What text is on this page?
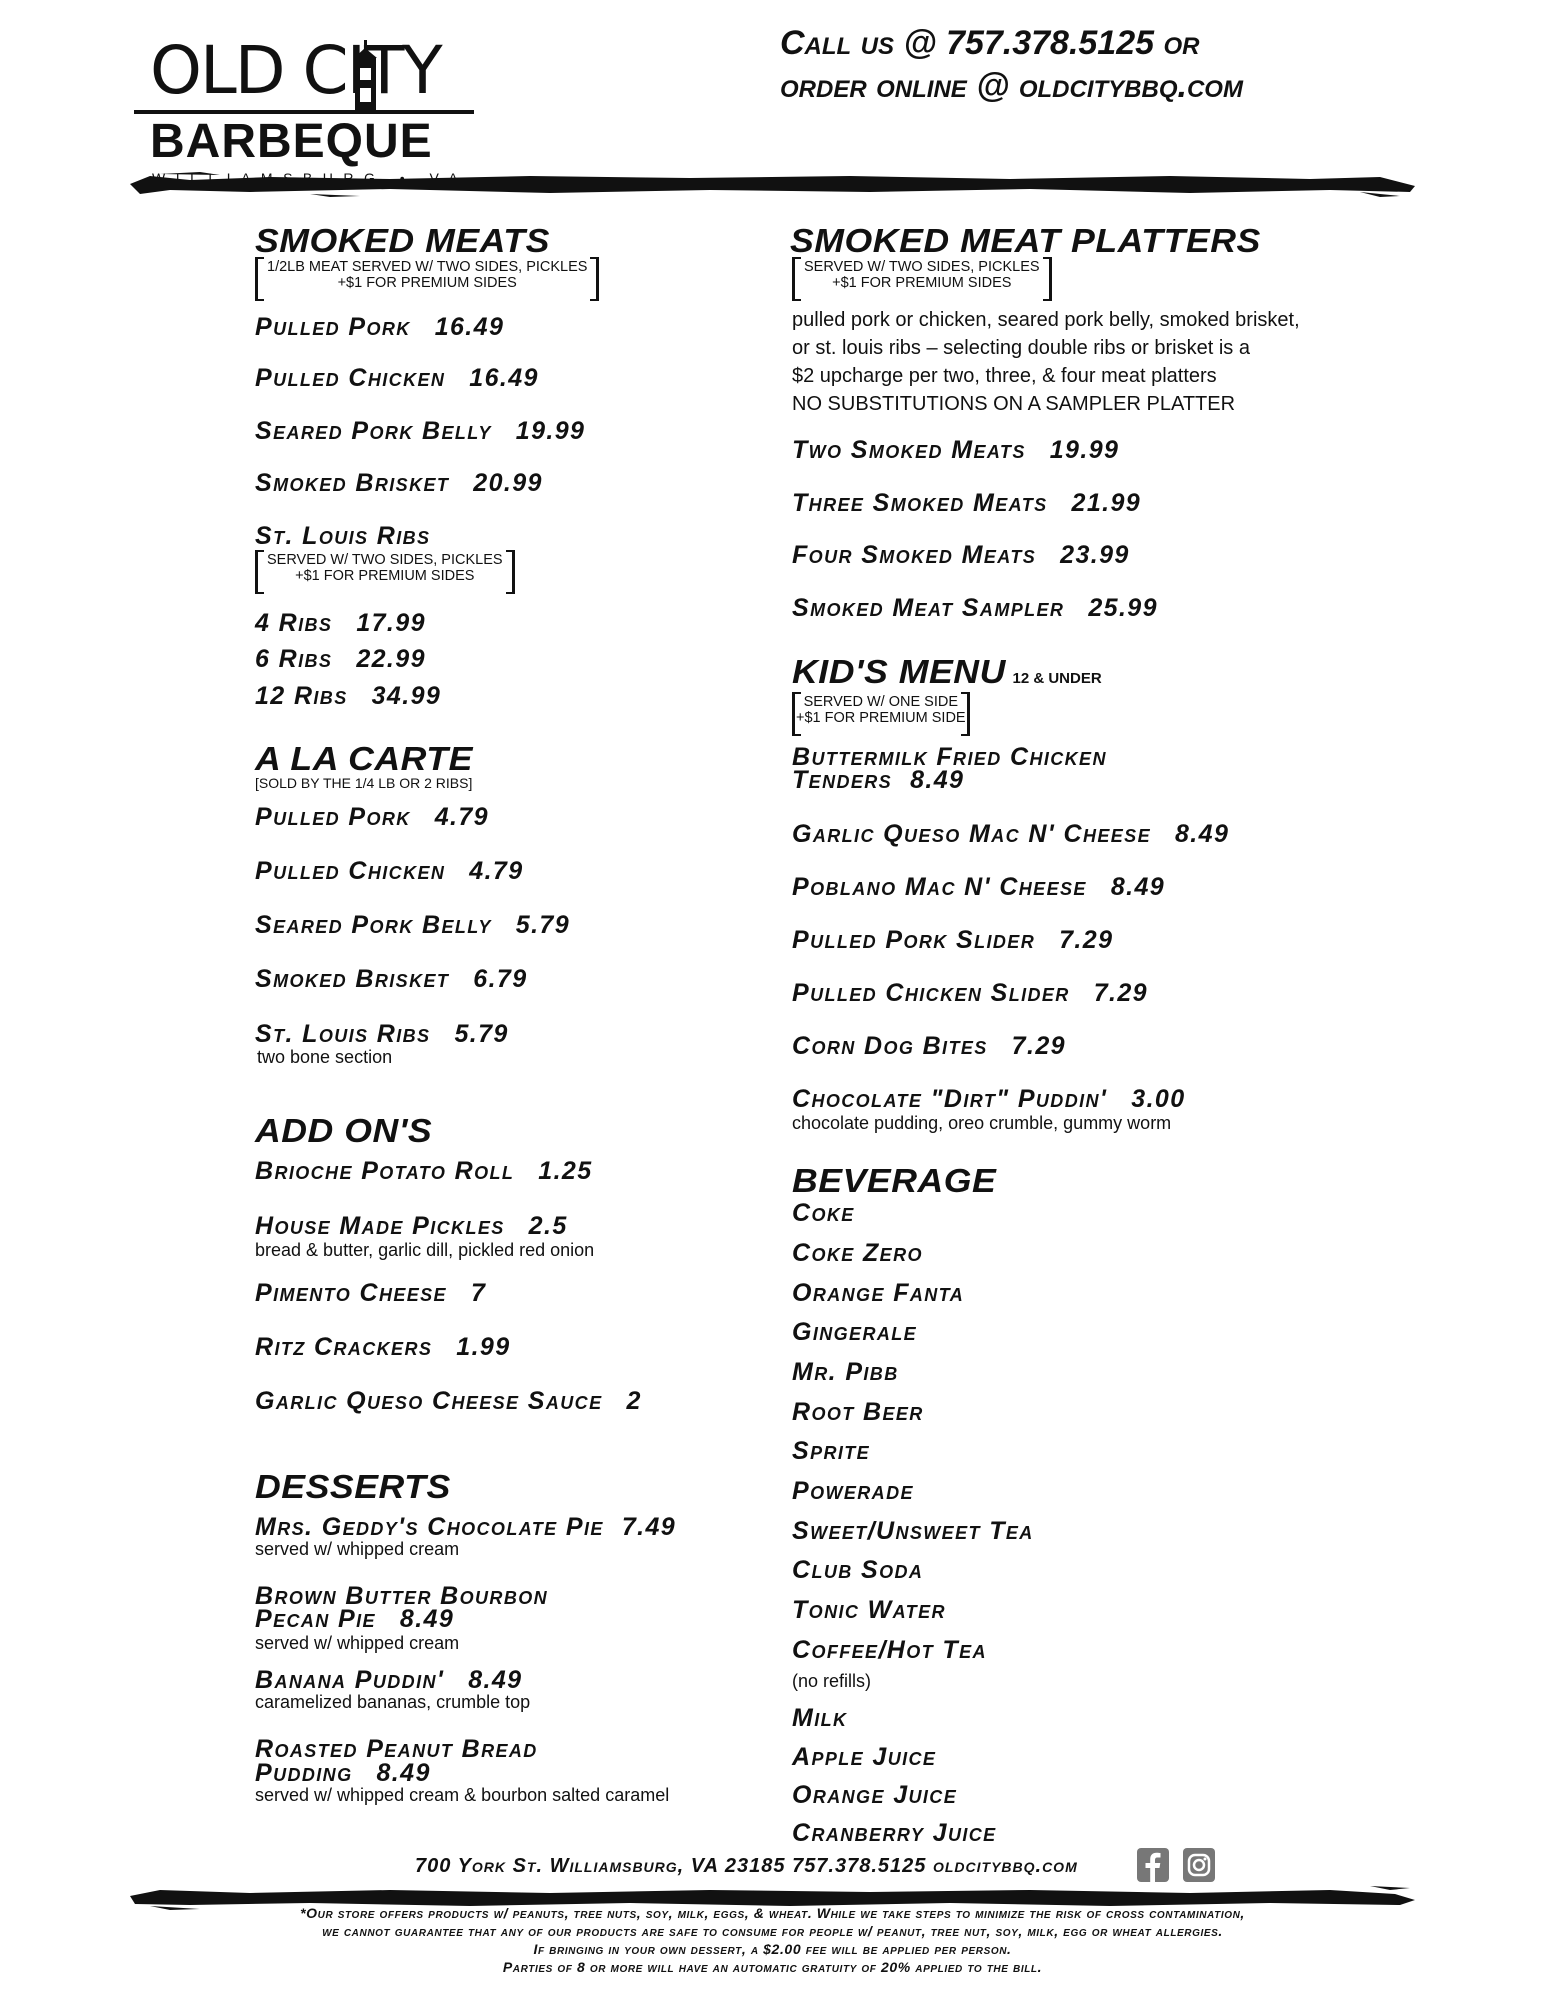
OLD CITY
BARBEQUE
Call us @ 757.378.5125 or
order online @ oldcitybbq.com
SMOKED MEATS
1/2LB MEAT SERVED W/ TWO SIDES, PICKLES
+$1 FOR PREMIUM SIDES
Pulled Pork 16.49
Pulled Chicken 16.49
Seared Pork Belly 19.99
Smoked Brisket 20.99
St. Louis Ribs
SERVED W/ TWO SIDES, PICKLES
+$1 FOR PREMIUM SIDES
4 Ribs 17.99
6 Ribs 22.99
12 Ribs 34.99
A LA CARTE
[SOLD BY THE 1/4 LB OR 2 RIBS]
Pulled Pork 4.79
Pulled Chicken 4.79
Seared Pork Belly 5.79
Smoked Brisket 6.79
St. Louis Ribs 5.79
two bone section
ADD ON'S
Brioche Potato Roll 1.25
House Made Pickles 2.5
bread & butter, garlic dill, pickled red onion
Pimento Cheese 7
Ritz Crackers 1.99
Garlic Queso Cheese Sauce 2
DESSERTS
Mrs. Geddy's Chocolate Pie 7.49
served w/ whipped cream
Brown Butter Bourbon
Pecan Pie 8.49
served w/ whipped cream
Banana Puddin' 8.49
caramelized bananas, crumble top
Roasted Peanut Bread
Pudding 8.49
served w/ whipped cream & bourbon salted caramel
SMOKED MEAT PLATTERS
SERVED W/ TWO SIDES, PICKLES
+$1 FOR PREMIUM SIDES
pulled pork or chicken, seared pork belly, smoked brisket,
or st. louis ribs – selecting double ribs or brisket is a
$2 upcharge per two, three, & four meat platters
NO SUBSTITUTIONS ON A SAMPLER PLATTER
Two Smoked Meats 19.99
Three Smoked Meats 21.99
Four Smoked Meats 23.99
Smoked Meat Sampler 25.99
KID'S MENU 12 & UNDER
SERVED W/ ONE SIDE
+$1 FOR PREMIUM SIDE
Buttermilk Fried Chicken
Tenders 8.49
Garlic Queso Mac N' Cheese 8.49
Poblano Mac N' Cheese 8.49
Pulled Pork Slider 7.29
Pulled Chicken Slider 7.29
Corn Dog Bites 7.29
Chocolate "Dirt" Puddin' 3.00
chocolate pudding, oreo crumble, gummy worm
BEVERAGE
Coke
Coke Zero
Orange Fanta
Gingerale
Mr. Pibb
Root Beer
Sprite
Powerade
Sweet/Unsweet Tea
Club Soda
Tonic Water
Coffee/Hot Tea
(no refills)
Milk
Apple Juice
Orange Juice
Cranberry Juice
700 York St. Williamsburg, VA 23185 757.378.5125 oldcitybbq.com
*Our store offers products w/ peanuts, tree nuts, soy, milk, eggs, & wheat. While we take steps to minimize the risk of cross contamination,
we cannot guarantee that any of our products are safe to consume for people w/ peanut, tree nut, soy, milk, egg or wheat allergies.
If bringing in your own dessert, a $2.00 fee will be applied per person.
Parties of 8 or more will have an automatic gratuity of 20% applied to the bill.
